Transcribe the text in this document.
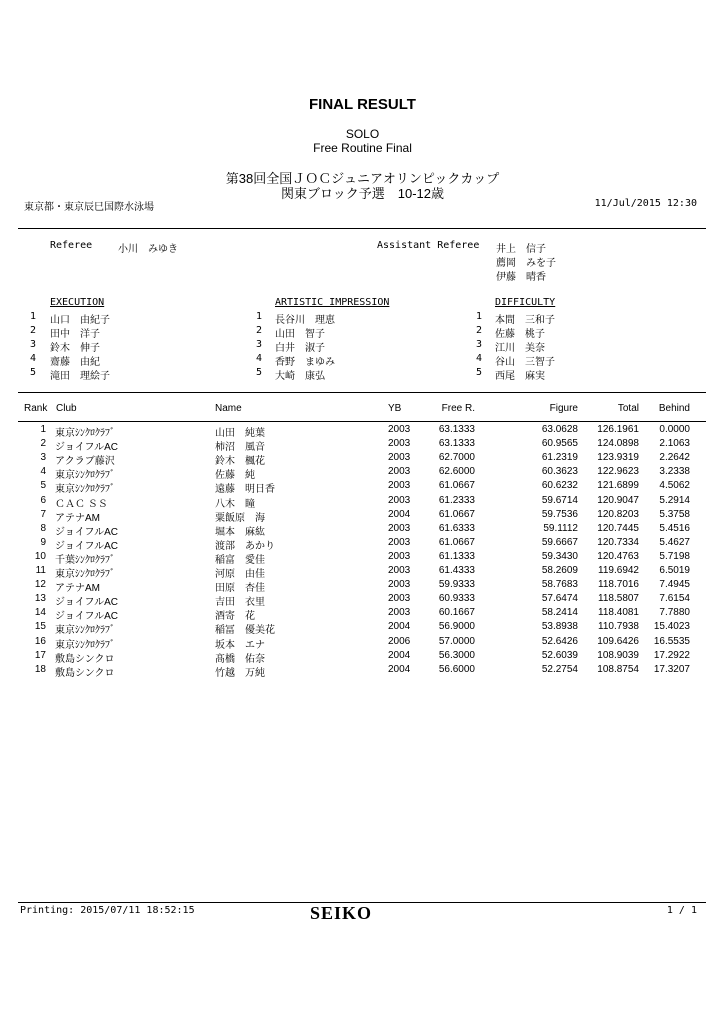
FINAL RESULT
SOLO
Free Routine Final
第38回全国ＪＯＣジュニアオリンピックカップ
関東ブロック予選　10-12歳
東京都・東京辰巳国際水泳場	11/Jul/2015 12:30
Referee	小川　みゆき	Assistant Referee 井上　信子
薦岡　みを子
伊藤　晴香
EXECUTION
1 山口　由紀子
2 田中　洋子
3 鈴木　伸子
4 齋藤　由紀
5 滝田　理絵子
ARTISTIC IMPRESSION
1 長谷川　理恵
2 山田　智子
3 白井　淑子
4 香野　まゆみ
5 大崎　康弘
DIFFICULTY
1 本間　三和子
2 佐藤　桃子
3 江川　美奈
4 谷山　三智子
5 西尾　麻実
Rank Club	Name	YB	Free R.	Figure	Total	Behind
1 東京ｼﾝｸﾛｸﾗﾌﾞ	山田　純葉	2003	63.1333	63.0628	126.1961	0.0000
2 ジョイフルAC	柿沼　風音	2003	63.1333	60.9565	124.0898	2.1063
3 アクラブ藤沢	鈴木　楓花	2003	62.7000	61.2319	123.9319	2.2642
4 東京ｼﾝｸﾛｸﾗﾌﾞ	佐藤　純	2003	62.6000	60.3623	122.9623	3.2338
5 東京ｼﾝｸﾛｸﾗﾌﾞ	遠藤　明日香	2003	61.0667	60.6232	121.6899	4.5062
6 ＣＡＣ ＳＳ	八木　瞳	2003	61.2333	59.6714	120.9047	5.2914
7 アテナAM	粟飯原　海	2004	61.0667	59.7536	120.8203	5.3758
8 ジョイフルAC	堀本　麻紘	2003	61.6333	59.1112	120.7445	5.4516
9 ジョイフルAC	渡部　あかり	2003	61.0667	59.6667	120.7334	5.4627
10 千葉ｼﾝｸﾛｸﾗﾌﾞ	稲富　愛佳	2003	61.1333	59.3430	120.4763	5.7198
11 東京ｼﾝｸﾛｸﾗﾌﾞ	河原　由佳	2003	61.4333	58.2609	119.6942	6.5019
12 アテナAM	田原　杏佳	2003	59.9333	58.7683	118.7016	7.4945
13 ジョイフルAC	吉田　衣里	2003	60.9333	57.6474	118.5807	7.6154
14 ジョイフルAC	酒寄　花	2003	60.1667	58.2414	118.4081	7.7880
15 東京ｼﾝｸﾛｸﾗﾌﾞ	稲冨　優美花	2004	56.9000	53.8938	110.7938	15.4023
16 東京ｼﾝｸﾛｸﾗﾌﾞ	坂本　エナ	2006	57.0000	52.6426	109.6426	16.5535
17 敷島シンクロ	髙橋　佑奈	2004	56.3000	52.6039	108.9039	17.2922
18 敷島シンクロ	竹越　万純	2004	56.6000	52.2754	108.8754	17.3207
Printing: 2015/07/11 18:52:15	SEIKO	1 / 1
